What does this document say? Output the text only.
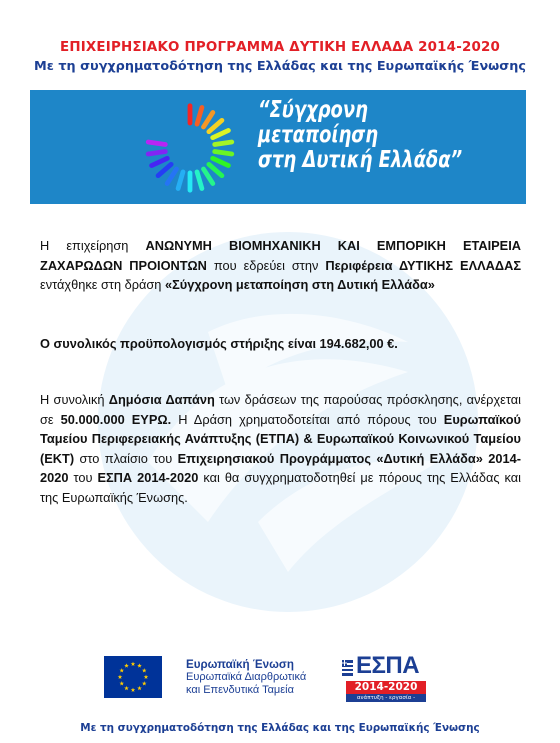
ΕΠΙΧΕΙΡΗΣΙΑΚΟ ΠΡΟΓΡΑΜΜΑ ΔΥΤΙΚΗ ΕΛΛΑΔΑ 2014-2020
Με τη συγχρηματοδότηση της Ελλάδας και της Ευρωπαϊκής Ένωσης
“Σύγχρονη
μεταποίηση
στη Δυτική Ελλάδα”

Η επιχείρηση ΑΝΩΝΥΜΗ ΒΙΟΜΗΧΑΝΙΚΗ ΚΑΙ ΕΜΠΟΡΙΚΗ ΕΤΑΙΡΕΙΑ ΖΑΧΑΡΩΔΩΝ ΠΡΟΙΟΝΤΩΝ που εδρεύει στην Περιφέρεια ΔΥΤΙΚΗΣ ΕΛΛΑΔΑΣ εντάχθηκε στη δράση «Σύγχρονη μεταποίηση στη Δυτική Ελλάδα»

Ο συνολικός προϋπολογισμός στήριξης είναι 194.682,00 €.

Η συνολική Δημόσια Δαπάνη των δράσεων της παρούσας πρόσκλησης, ανέρχεται σε 50.000.000 ΕΥΡΩ. Η Δράση χρηματοδοτείται από πόρους του Ευρωπαϊκού Ταμείου Περιφερειακής Ανάπτυξης (ΕΤΠΑ) & Ευρωπαϊκού Κοινωνικού Ταμείου (ΕΚΤ) στο πλαίσιο του Επιχειρησιακού Προγράμματος «Δυτική Ελλάδα» 2014-2020 του ΕΣΠΑ 2014-2020 και θα συγχρηματοδοτηθεί με πόρους της Ελλάδας και της Ευρωπαϊκής Ένωσης.

Ευρωπαϊκή Ένωση
Ευρωπαϊκά Διαρθρωτικά
και Επενδυτικά Ταμεία
ΕΣΠΑ
2014-2020
ανάπτυξη - εργασία - αλληλεγγύη
Με τη συγχρηματοδότηση της Ελλάδας και της Ευρωπαϊκής Ένωσης
